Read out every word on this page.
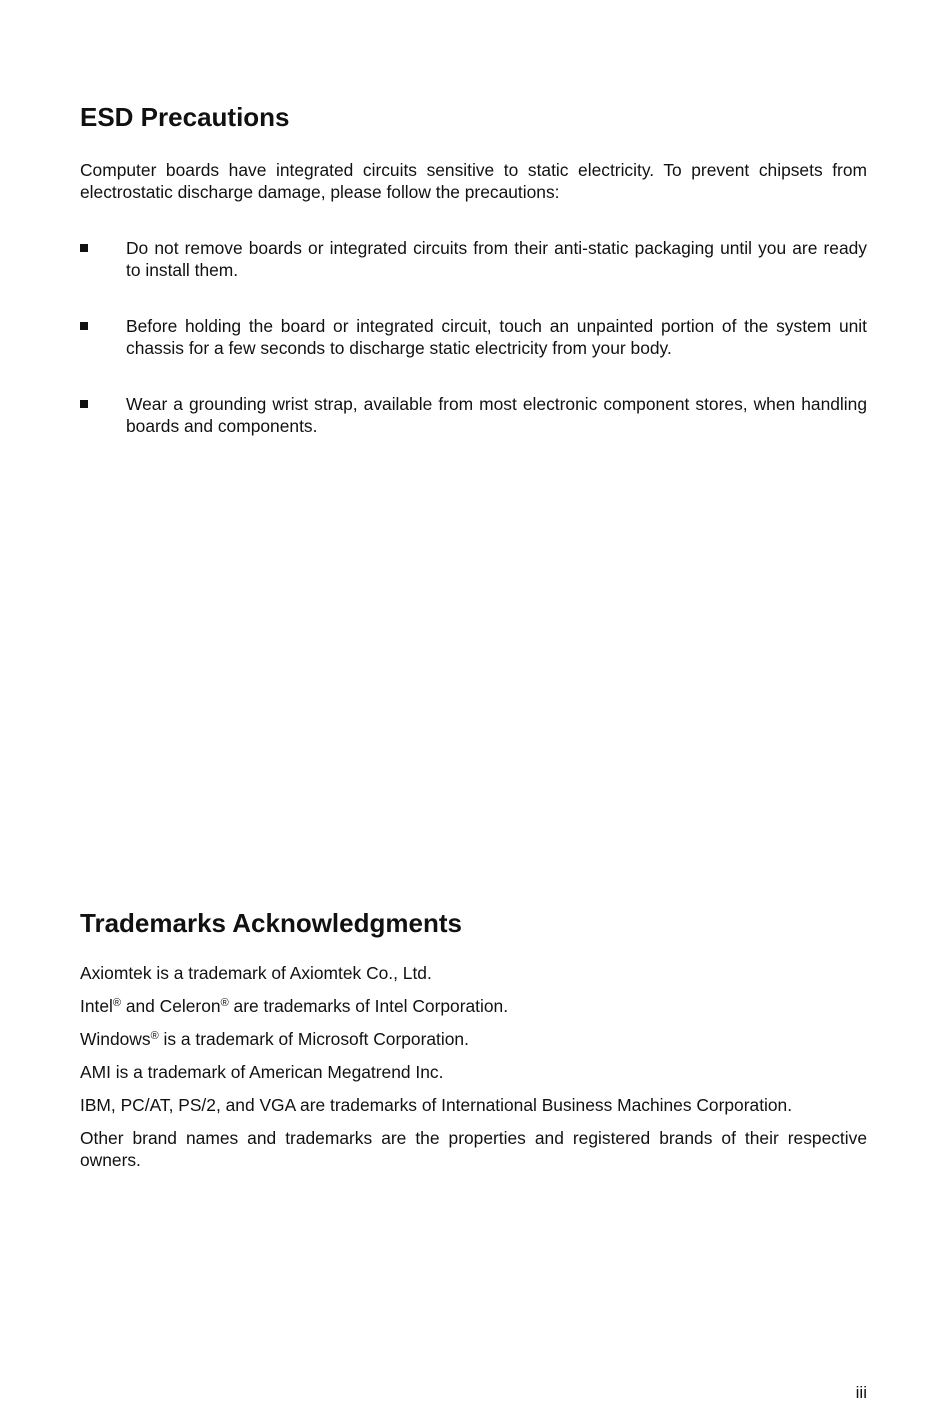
ESD Precautions

Computer boards have integrated circuits sensitive to static electricity. To prevent chipsets from electrostatic discharge damage, please follow the precautions:

Do not remove boards or integrated circuits from their anti-static packaging until you are ready to install them.
Before holding the board or integrated circuit, touch an unpainted portion of the system unit chassis for a few seconds to discharge static electricity from your body.
Wear a grounding wrist strap, available from most electronic component stores, when handling boards and components.
Trademarks Acknowledgments

Axiomtek is a trademark of Axiomtek Co., Ltd.

Intel® and Celeron® are trademarks of Intel Corporation.

Windows® is a trademark of Microsoft Corporation.

AMI is a trademark of American Megatrend Inc.

IBM, PC/AT, PS/2, and VGA are trademarks of International Business Machines Corporation.

Other brand names and trademarks are the properties and registered brands of their respective owners.

iii
